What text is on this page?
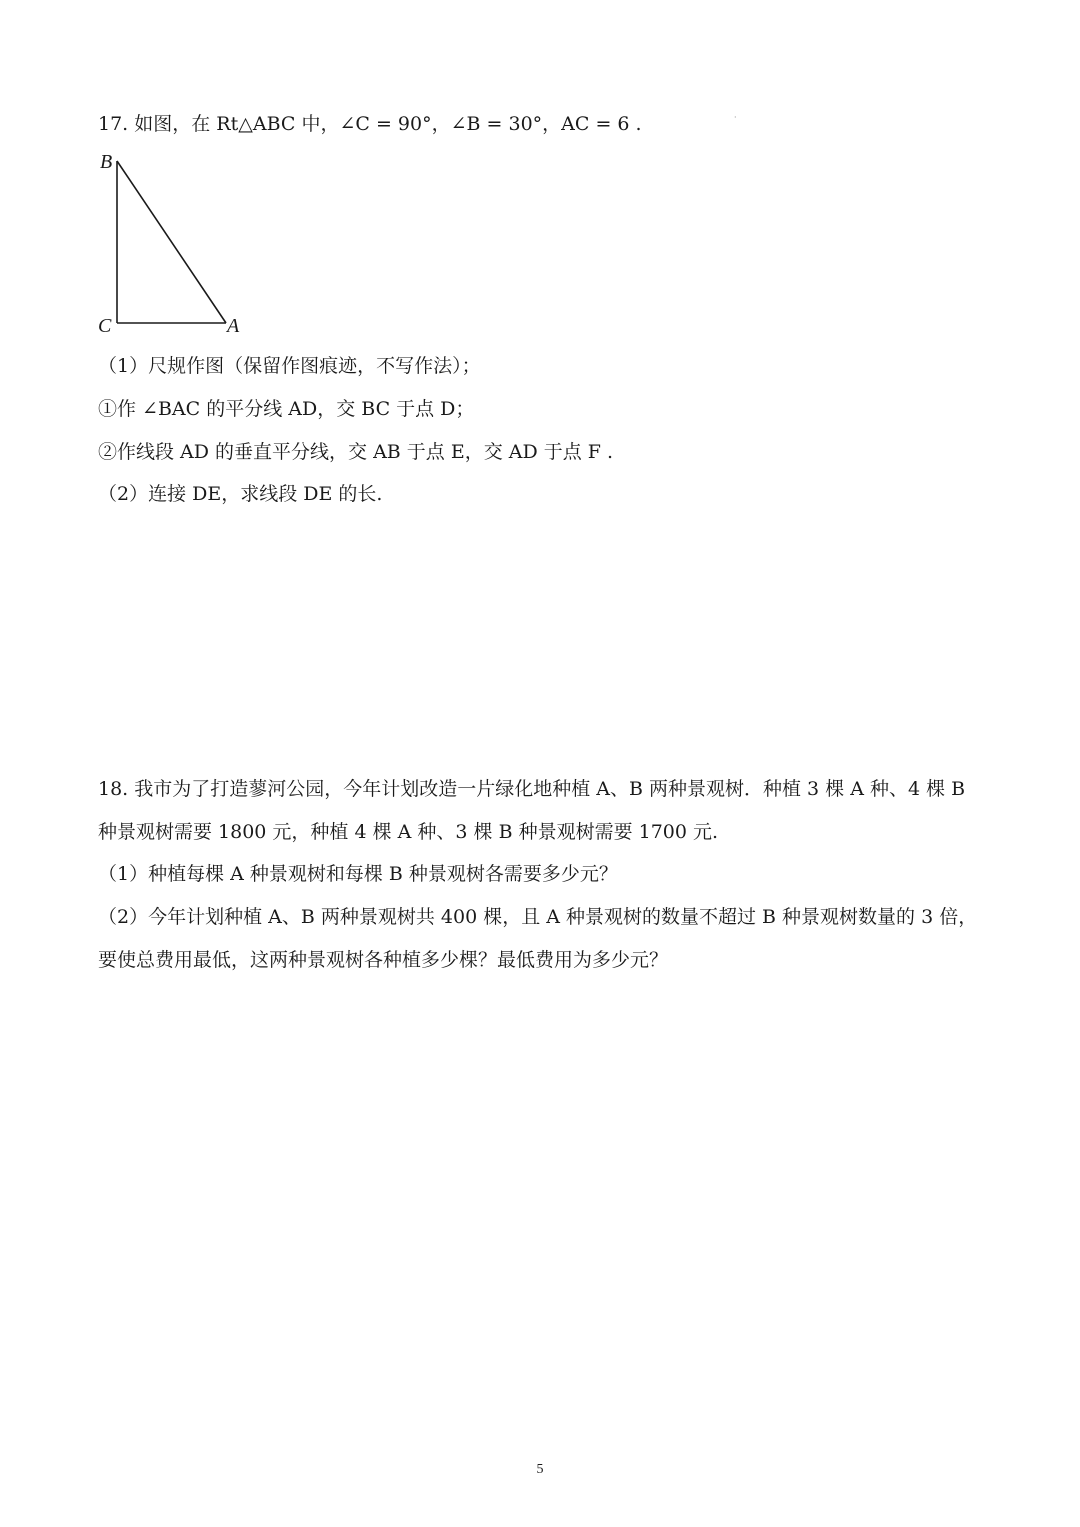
·
17. 如图，在 Rt△ABC 中，∠C = 90°，∠B = 30°，AC = 6 .
B
C	A
（1）尺规作图（保留作图痕迹，不写作法）；
①作 ∠BAC 的平分线 AD，交 BC 于点 D；
②作线段 AD 的垂直平分线，交 AB 于点 E，交 AD 于点 F .
（2）连接 DE，求线段 DE 的长.
18. 我市为了打造蓼河公园，今年计划改造一片绿化地种植 A、B 两种景观树．种植 3 棵 A 种、4 棵 B 种景观树需要 1800 元，种植 4 棵 A 种、3 棵 B 种景观树需要 1700 元.
（1）种植每棵 A 种景观树和每棵 B 种景观树各需要多少元？
（2）今年计划种植 A、B 两种景观树共 400 棵，且 A 种景观树的数量不超过 B 种景观树数量的 3 倍，要使总费用最低，这两种景观树各种植多少棵？最低费用为多少元？
5
